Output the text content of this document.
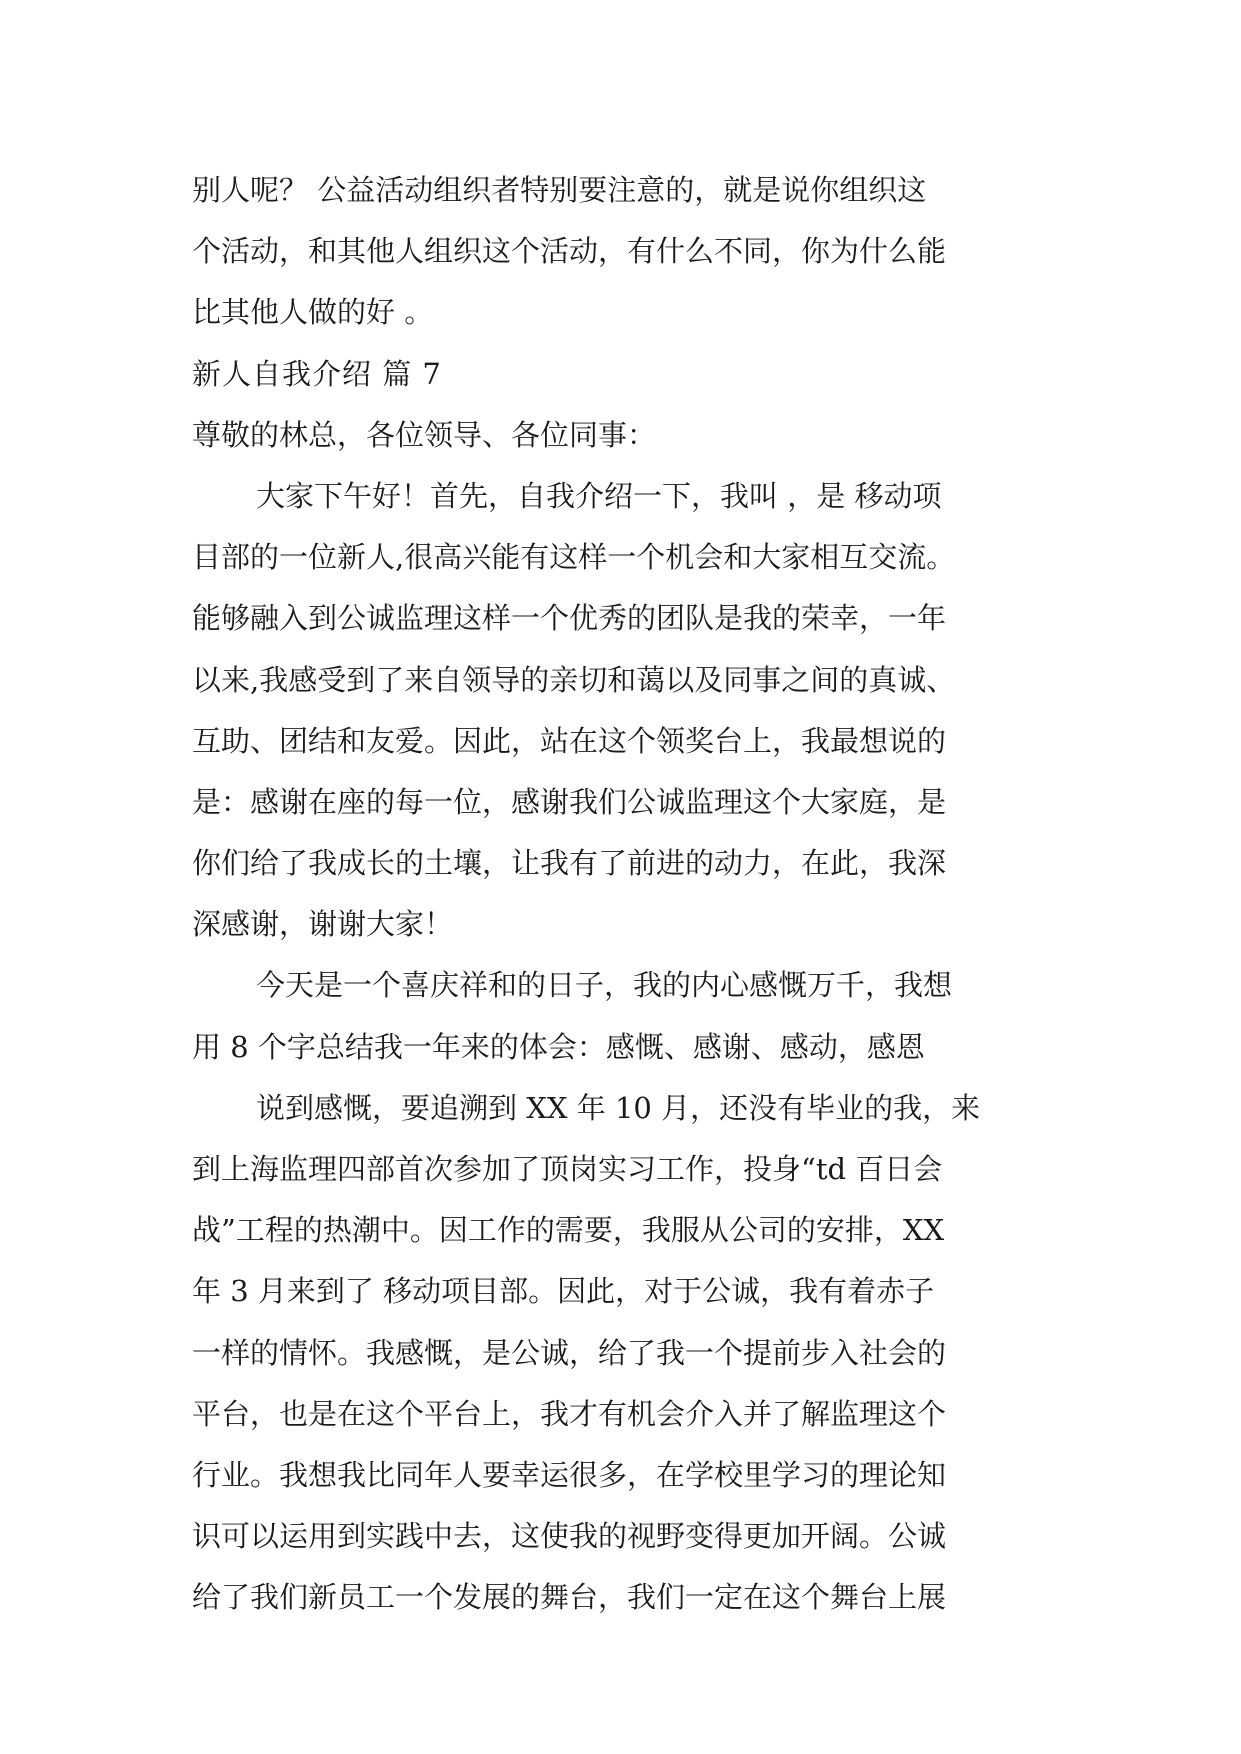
别人呢？ 公益活动组织者特别要注意的，就是说你组织这
个活动，和其他人组织这个活动，有什么不同，你为什么能
比其他人做的好 。
新人自我介绍 篇 7
尊敬的林总，各位领导、各位同事：
大家下午好！首先，自我介绍一下，我叫 ，是 移动项
目部的一位新人,很高兴能有这样一个机会和大家相互交流。
能够融入到公诚监理这样一个优秀的团队是我的荣幸，一年
以来,我感受到了来自领导的亲切和蔼以及同事之间的真诚、
互助、团结和友爱。因此，站在这个领奖台上，我最想说的
是：感谢在座的每一位，感谢我们公诚监理这个大家庭，是
你们给了我成长的土壤，让我有了前进的动力，在此，我深
深感谢，谢谢大家！
今天是一个喜庆祥和的日子，我的内心感慨万千，我想
用 8 个字总结我一年来的体会：感慨、感谢、感动，感恩
说到感慨，要追溯到 XX 年 10 月，还没有毕业的我，来
到上海监理四部首次参加了顶岗实习工作，投身“td 百日会
战”工程的热潮中。因工作的需要，我服从公司的安排，XX
年 3 月来到了 移动项目部。因此，对于公诚，我有着赤子
一样的情怀。我感慨，是公诚，给了我一个提前步入社会的
平台，也是在这个平台上，我才有机会介入并了解监理这个
行业。我想我比同年人要幸运很多，在学校里学习的理论知
识可以运用到实践中去，这使我的视野变得更加开阔。公诚
给了我们新员工一个发展的舞台，我们一定在这个舞台上展
